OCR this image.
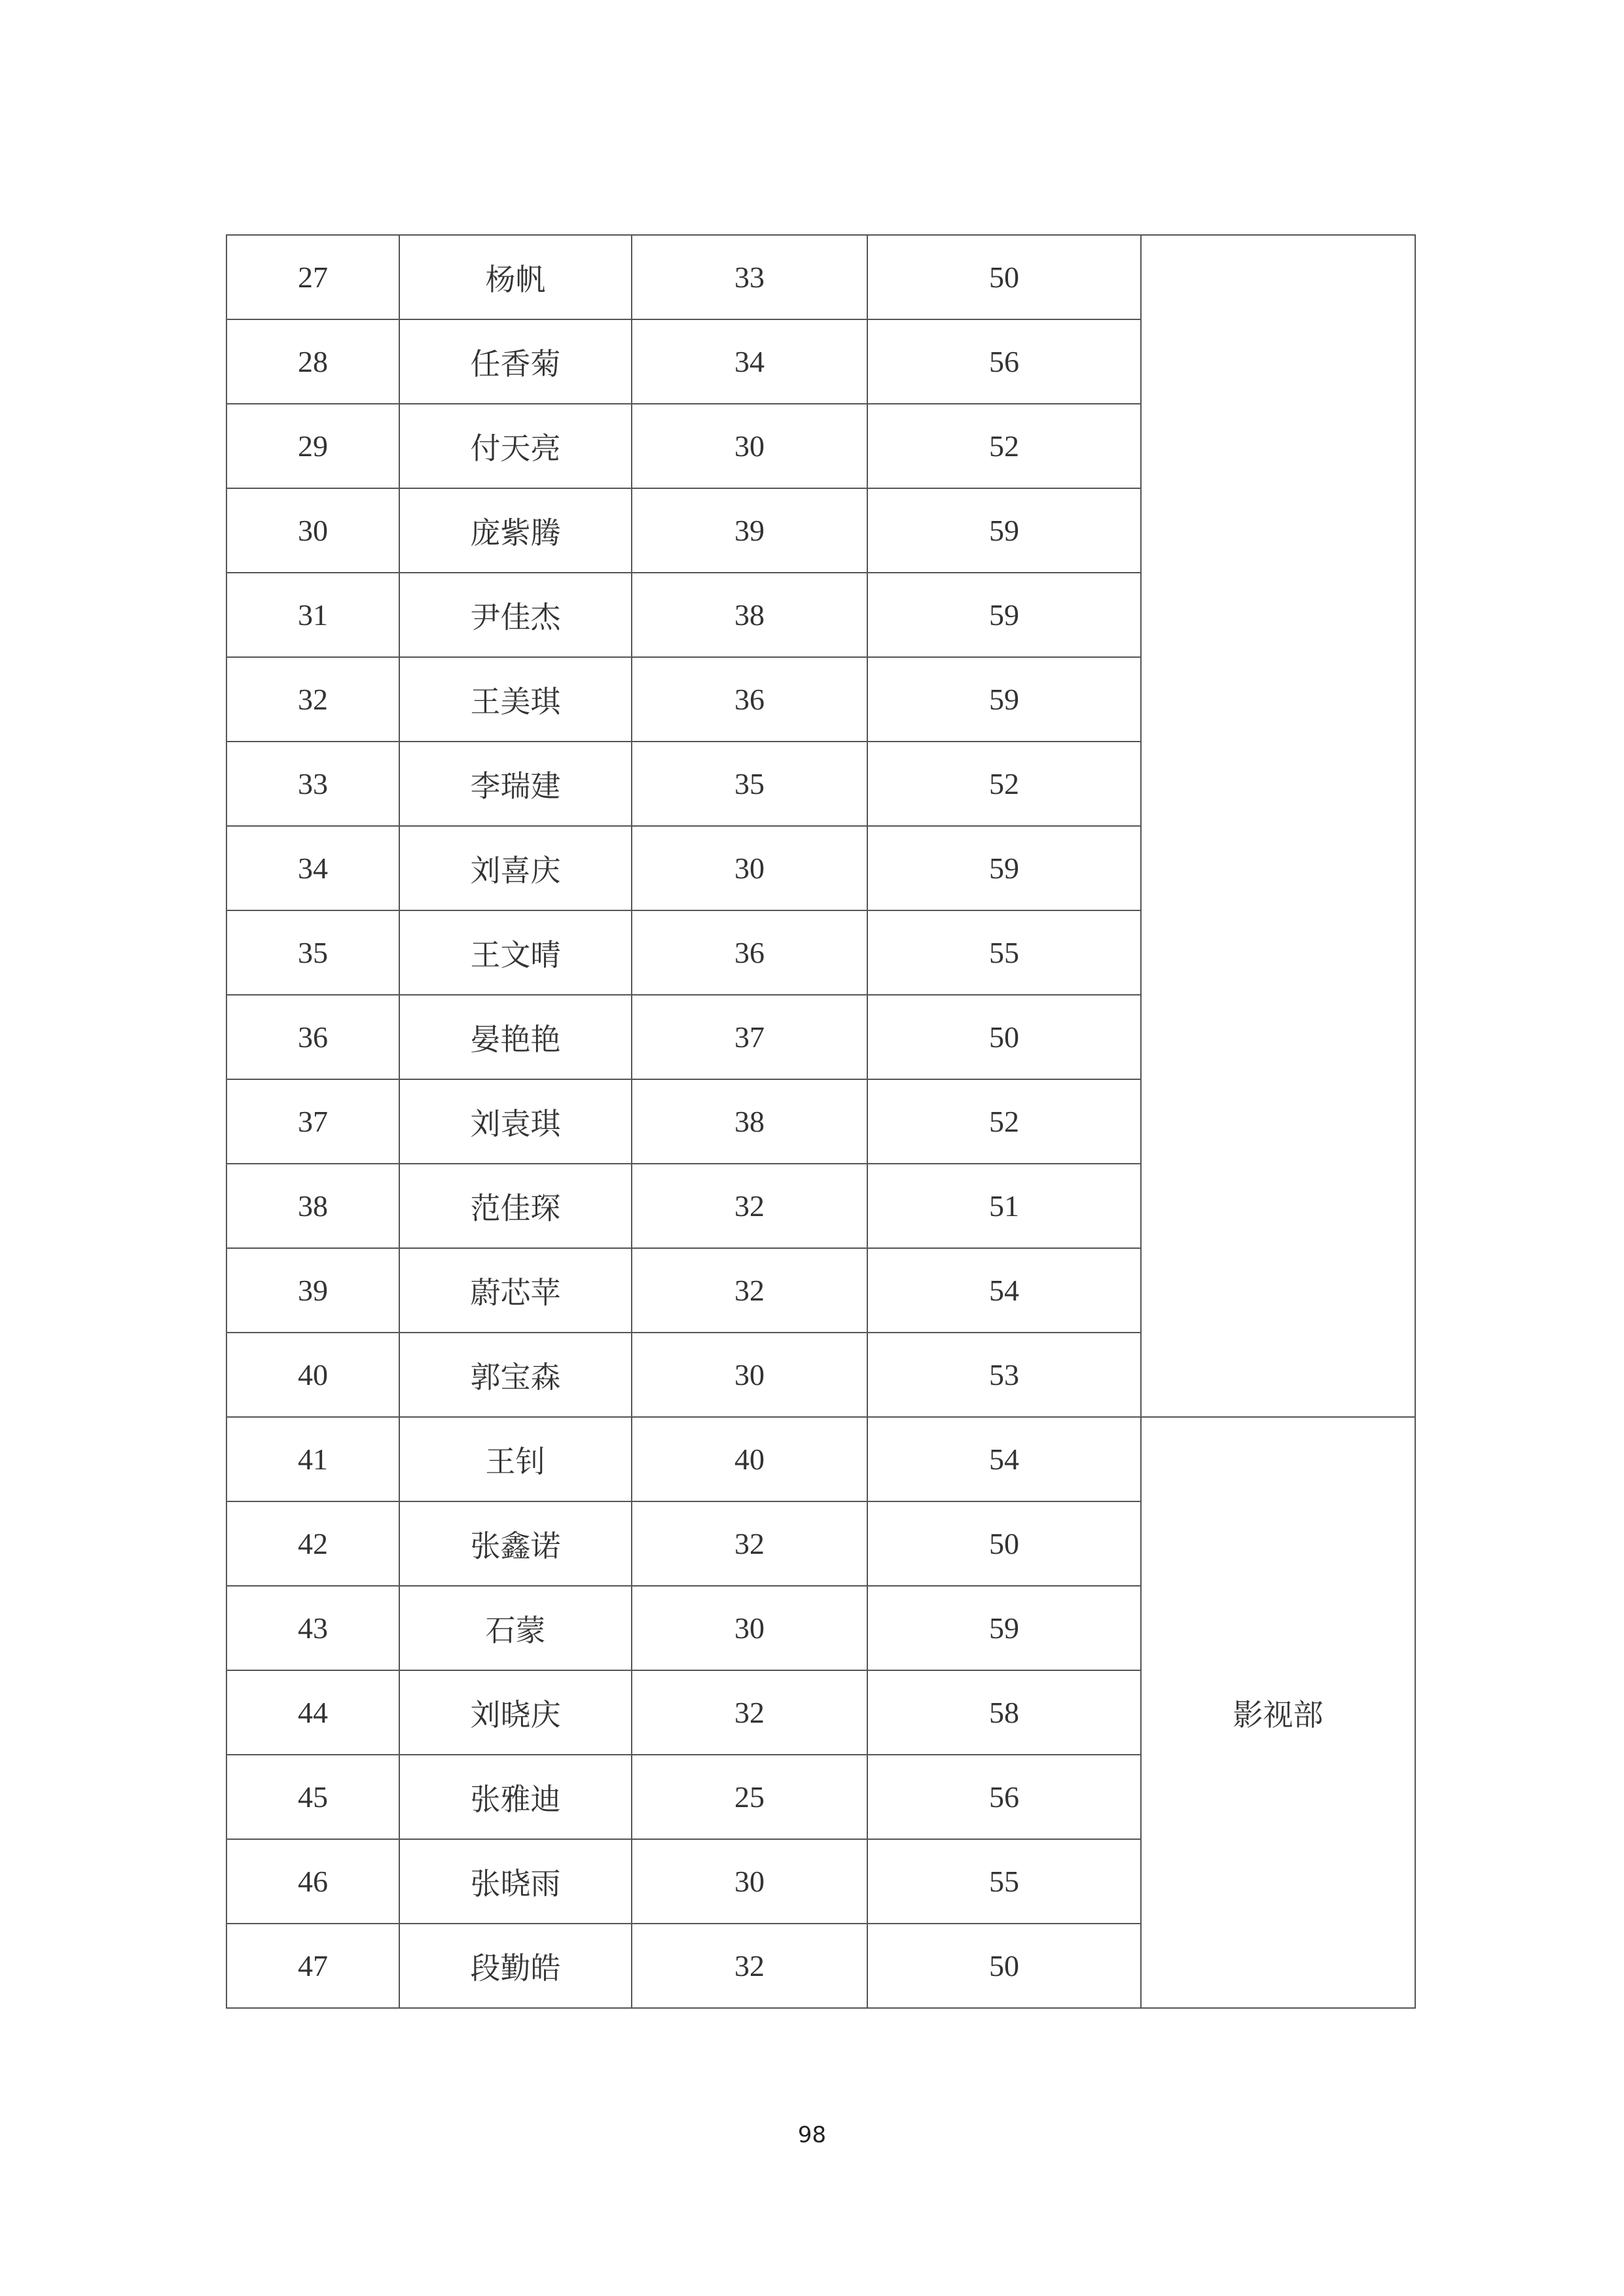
27	杨帆	33	50	
28	任香菊	34	56	
29	付天亮	30	52	
30	庞紫腾	39	59	
31	尹佳杰	38	59	
32	王美琪	36	59	
33	李瑞建	35	52	
34	刘喜庆	30	59	
35	王文晴	36	55	
36	晏艳艳	37	50	
37	刘袁琪	38	52	
38	范佳琛	32	51	
39	蔚芯苹	32	54	
40	郭宝森	30	53	
41	王钊	40	54	影视部
42	张鑫诺	32	50	
43	石蒙	30	59	
44	刘晓庆	32	58	
45	张雅迪	25	56	
46	张晓雨	30	55	
47	段勤皓	32	50	
98
